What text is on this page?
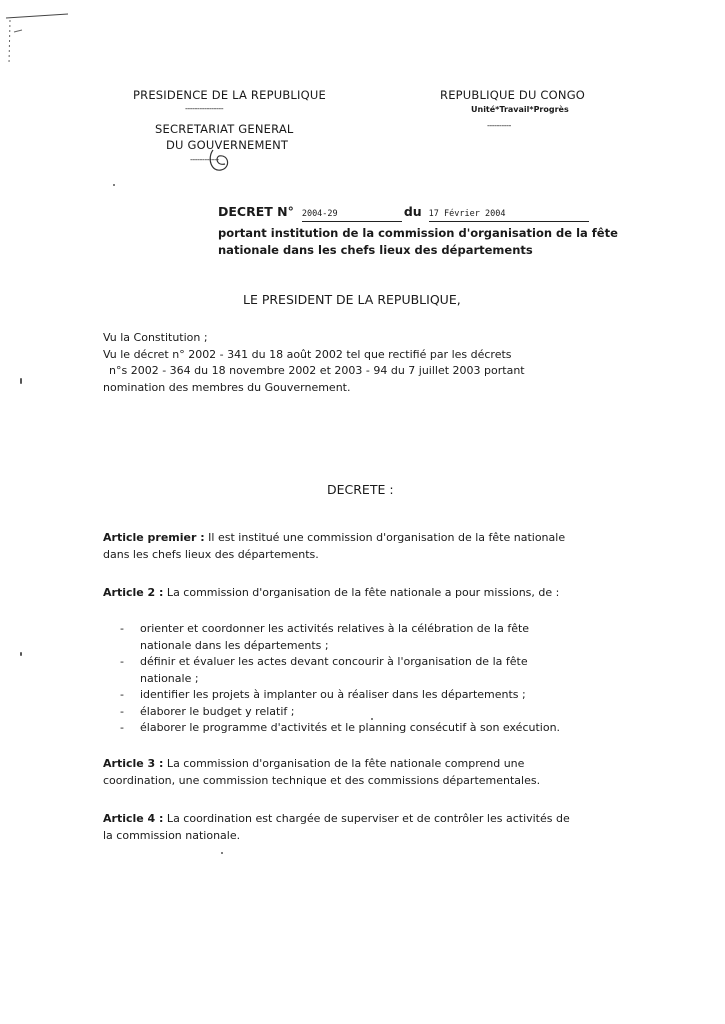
PRESIDENCE DE LA REPUBLIQUE
----------------
SECRETARIAT GENERAL
DU GOUVERNEMENT
------------
REPUBLIQUE DU CONGO
Unité*Travail*Progrès
----------
DECRET N° 2004-29	du 17 Février 2004
portant institution de la commission d'organisation de la fête
nationale dans les chefs lieux des départements
LE PRESIDENT DE LA REPUBLIQUE,
Vu la Constitution ;
Vu le décret n° 2002 - 341 du 18 août 2002 tel que rectifié par les décrets
n°s 2002 - 364 du 18 novembre 2002 et 2003 - 94 du 7 juillet 2003 portant
nomination des membres du Gouvernement.
DECRETE :
Article premier : Il est institué une commission d'organisation de la fête nationale
dans les chefs lieux des départements.
Article 2 : La commission d'organisation de la fête nationale a pour missions, de :
- orienter et coordonner les activités relatives à la célébration de la fête
nationale dans les départements ;
- définir et évaluer les actes devant concourir à l'organisation de la fête
nationale ;
- identifier les projets à implanter ou à réaliser dans les départements ;
- élaborer le budget y relatif ;
- élaborer le programme d'activités et le planning consécutif à son exécution.
Article 3 : La commission d'organisation de la fête nationale comprend une
coordination, une commission technique et des commissions départementales.
Article 4 : La coordination est chargée de superviser et de contrôler les activités de
la commission nationale.
